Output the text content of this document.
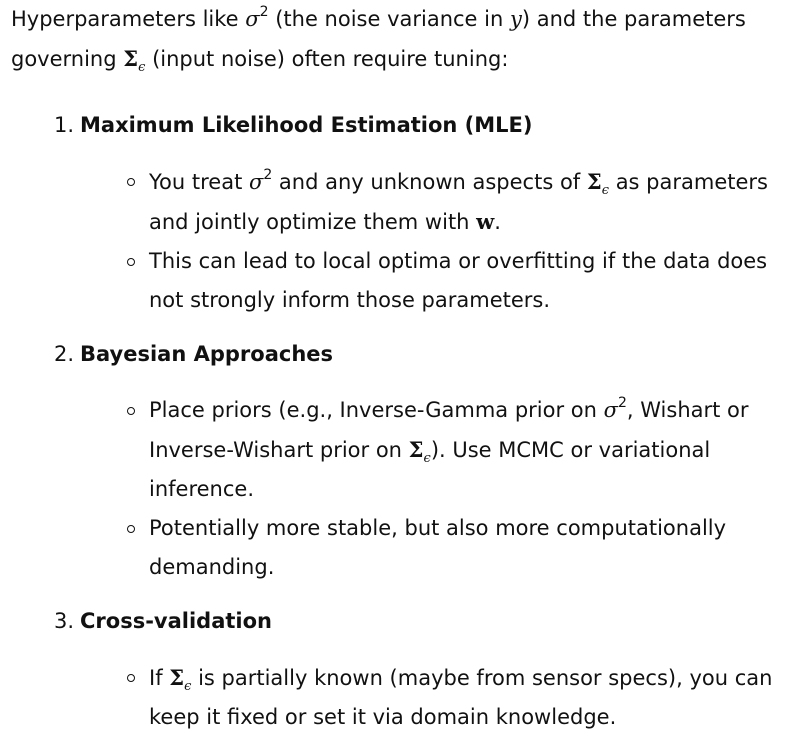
Hyperparameters like $\sigma^2$ (the noise variance in y) and the parameters governing $\Sigma_\epsilon$ (input noise) often require tuning:

1. Maximum Likelihood Estimation (MLE)
You treat $\sigma^2$ and any unknown aspects of $\Sigma_\epsilon$ as parameters and jointly optimize them with w.
This can lead to local optima or overfitting if the data does not strongly inform those parameters.
2. Bayesian Approaches
Place priors (e.g., Inverse-Gamma prior on $\sigma^2$, Wishart or Inverse-Wishart prior on $\Sigma_\epsilon$). Use MCMC or variational inference.
Potentially more stable, but also more computationally demanding.
3. Cross-validation
If $\Sigma_\epsilon$ is partially known (maybe from sensor specs), you can keep it fixed or set it via domain knowledge.
